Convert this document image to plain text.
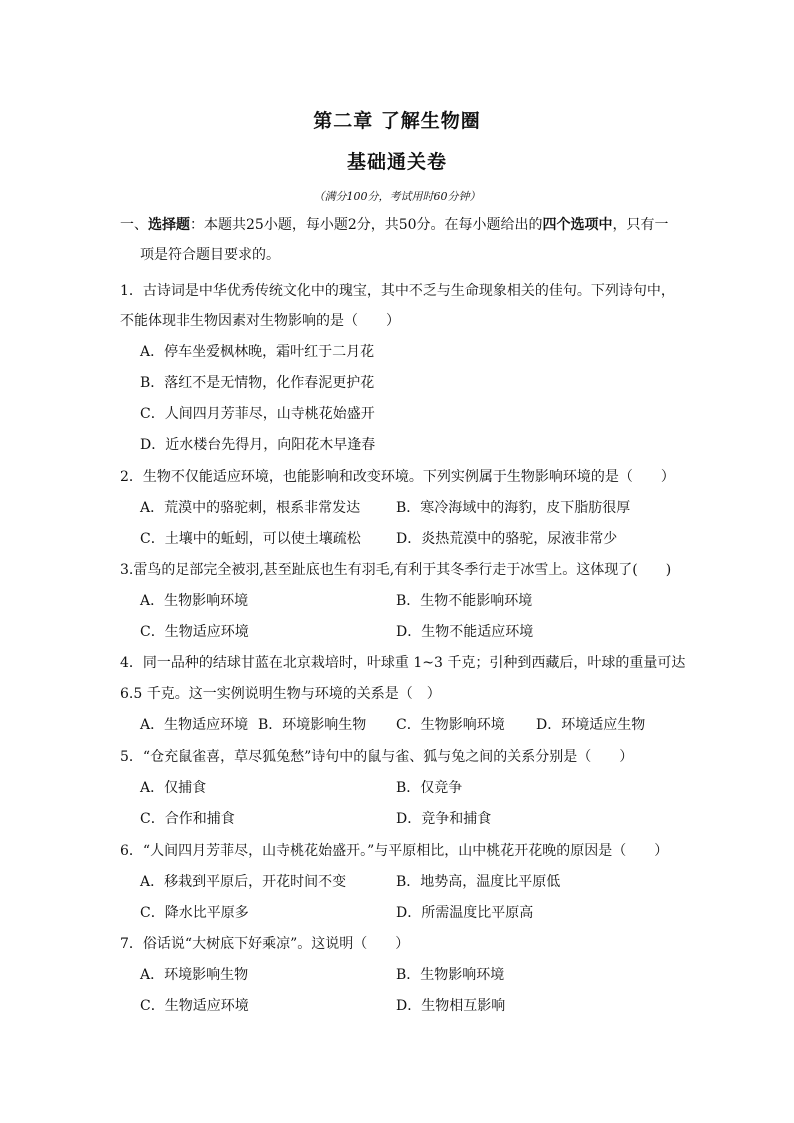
第二章 了解生物圈
基础通关卷
（满分100分，考试用时60分钟）
一、选择题：本题共25小题，每小题2分，共50分。在每小题给出的四个选项中，只有一
项是符合题目要求的。
1．古诗词是中华优秀传统文化中的瑰宝，其中不乏与生命现象相关的佳句。下列诗句中，
不能体现非生物因素对生物影响的是（　　）
A．停车坐爱枫林晚，霜叶红于二月花
B．落红不是无情物，化作春泥更护花
C．人间四月芳菲尽，山寺桃花始盛开
D．近水楼台先得月，向阳花木早逢春
2．生物不仅能适应环境，也能影响和改变环境。下列实例属于生物影响环境的是（　　）
A．荒漠中的骆驼刺，根系非常发达	B．寒冷海域中的海豹，皮下脂肪很厚
C．土壤中的蚯蚓，可以使土壤疏松	D．炎热荒漠中的骆驼，尿液非常少
3.雷鸟的足部完全被羽,甚至趾底也生有羽毛,有利于其冬季行走于冰雪上。这体现了(　　)
A．生物影响环境	B．生物不能影响环境
C．生物适应环境	D．生物不能适应环境
4．同一品种的结球甘蓝在北京栽培时，叶球重 1~3 千克；引种到西藏后，叶球的重量可达
6.5 千克。这一实例说明生物与环境的关系是（　）
A．生物适应环境 B．环境影响生物 C．生物影响环境 D．环境适应生物
5．“仓充鼠雀喜，草尽狐兔愁”诗句中的鼠与雀、狐与兔之间的关系分别是（　　）
A．仅捕食	B．仅竞争
C．合作和捕食	D．竞争和捕食
6．“人间四月芳菲尽，山寺桃花始盛开。”与平原相比，山中桃花开花晚的原因是（　　）
A．移栽到平原后，开花时间不变	B．地势高，温度比平原低
C．降水比平原多	D．所需温度比平原高
7．俗话说“大树底下好乘凉”。这说明（　　）
A．环境影响生物	B．生物影响环境
C．生物适应环境	D．生物相互影响
